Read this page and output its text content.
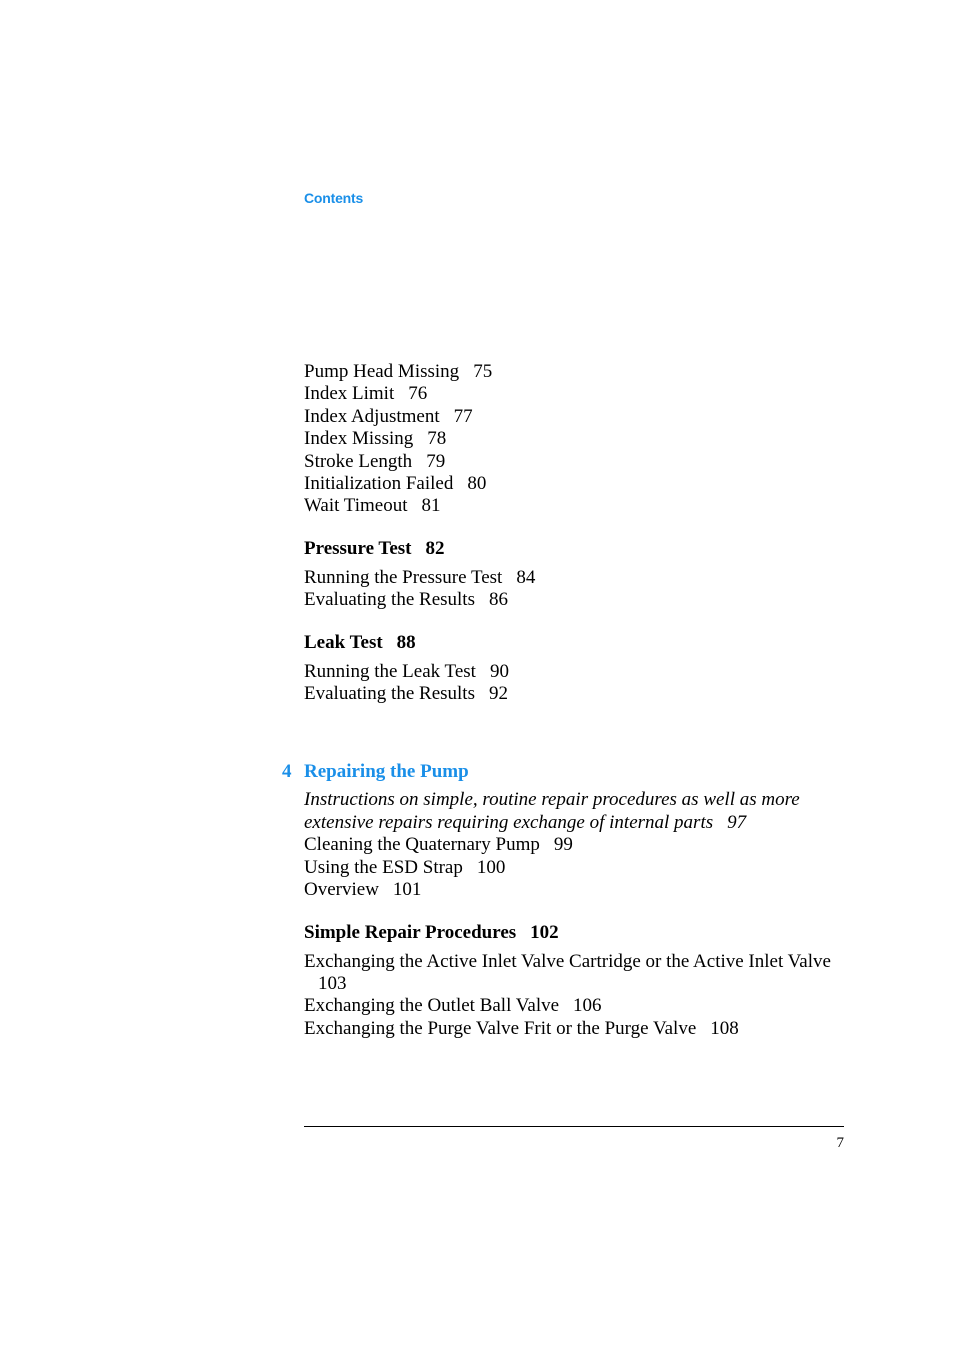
Contents
Pump Head Missing 75
Index Limit 76
Index Adjustment 77
Index Missing 78
Stroke Length 79
Initialization Failed 80
Wait Timeout 81
Pressure Test 82
Running the Pressure Test 84
Evaluating the Results 86
Leak Test 88
Running the Leak Test 90
Evaluating the Results 92
4 Repairing the Pump
Instructions on simple, routine repair procedures as well as more extensive repairs requiring exchange of internal parts 97
Cleaning the Quaternary Pump 99
Using the ESD Strap 100
Overview 101
Simple Repair Procedures 102
Exchanging the Active Inlet Valve Cartridge or the Active Inlet Valve103
Exchanging the Outlet Ball Valve 106
Exchanging the Purge Valve Frit or the Purge Valve 108
7
